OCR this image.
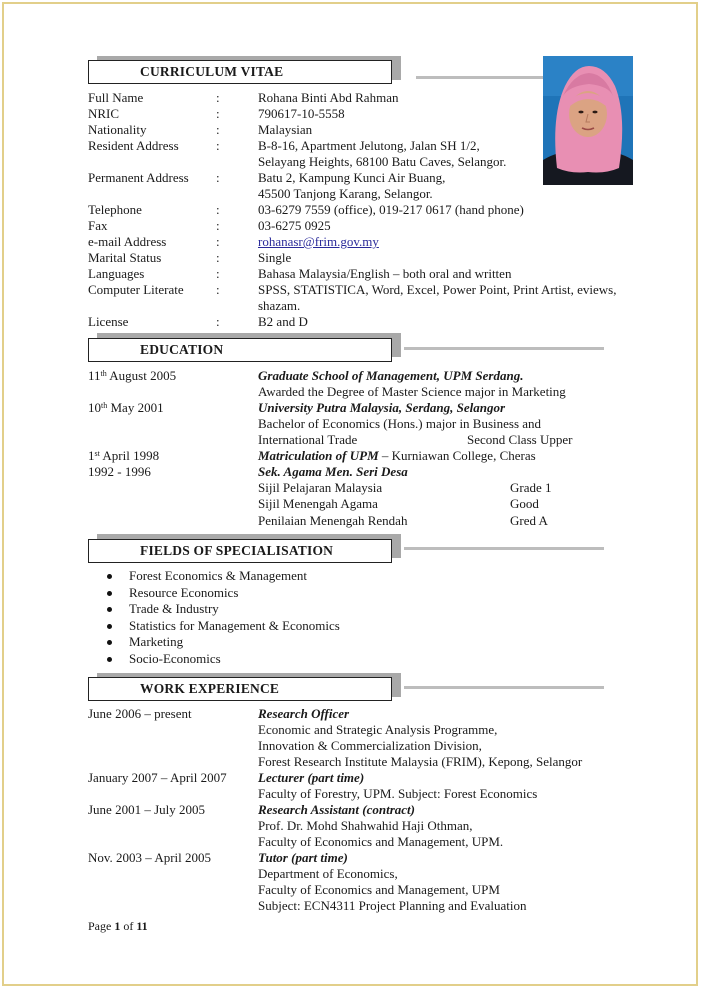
CURRICULUM VITAE
Full Name	:	Rohana Binti Abd Rahman
NRIC	:	790617-10-5558
Nationality	:	Malaysian
Resident Address	:	B-8-16, Apartment Jelutong, Jalan SH 1/2,
Selayang Heights, 68100 Batu Caves, Selangor.
Permanent Address :	Batu 2, Kampung Kunci Air Buang,
45500 Tanjong Karang, Selangor.
Telephone	:	03-6279 7559 (office), 019-217 0617 (hand phone)
Fax	:	03-6275 0925
e-mail Address	:	rohanasr@frim.gov.my
Marital Status	:	Single
Languages	:	Bahasa Malaysia/English – both oral and written
Computer Literate :	SPSS, STATISTICA, Word, Excel, Power Point, Print Artist, eviews,
shazam.
License	:	B2 and D
EDUCATION
11th August 2005	Graduate School of Management, UPM Serdang.
Awarded the Degree of Master Science major in Marketing
10th May 2001	University Putra Malaysia, Serdang, Selangor
Bachelor of Economics (Hons.) major in Business and
International Trade	Second Class Upper
1st April 1998	Matriculation of UPM – Kurniawan College, Cheras
1992 - 1996	Sek. Agama Men. Seri Desa
Sijil Pelajaran Malaysia	Grade 1
Sijil Menengah Agama	Good
Penilaian Menengah Rendah	Gred A
FIELDS OF SPECIALISATION
Forest Economics & Management
Resource Economics
Trade & Industry
Statistics for Management & Economics
Marketing
Socio-Economics
WORK EXPERIENCE
June 2006 – present	Research Officer
Economic and Strategic Analysis Programme,
Innovation & Commercialization Division,
Forest Research Institute Malaysia (FRIM), Kepong, Selangor
January 2007 – April 2007 Lecturer (part time)
Faculty of Forestry, UPM. Subject: Forest Economics
June 2001 – July 2005	Research Assistant (contract)
Prof. Dr. Mohd Shahwahid Haji Othman,
Faculty of Economics and Management, UPM.
Nov. 2003 – April 2005	Tutor (part time)
Department of Economics,
Faculty of Economics and Management, UPM
Subject: ECN4311 Project Planning and Evaluation
Page 1 of 11
